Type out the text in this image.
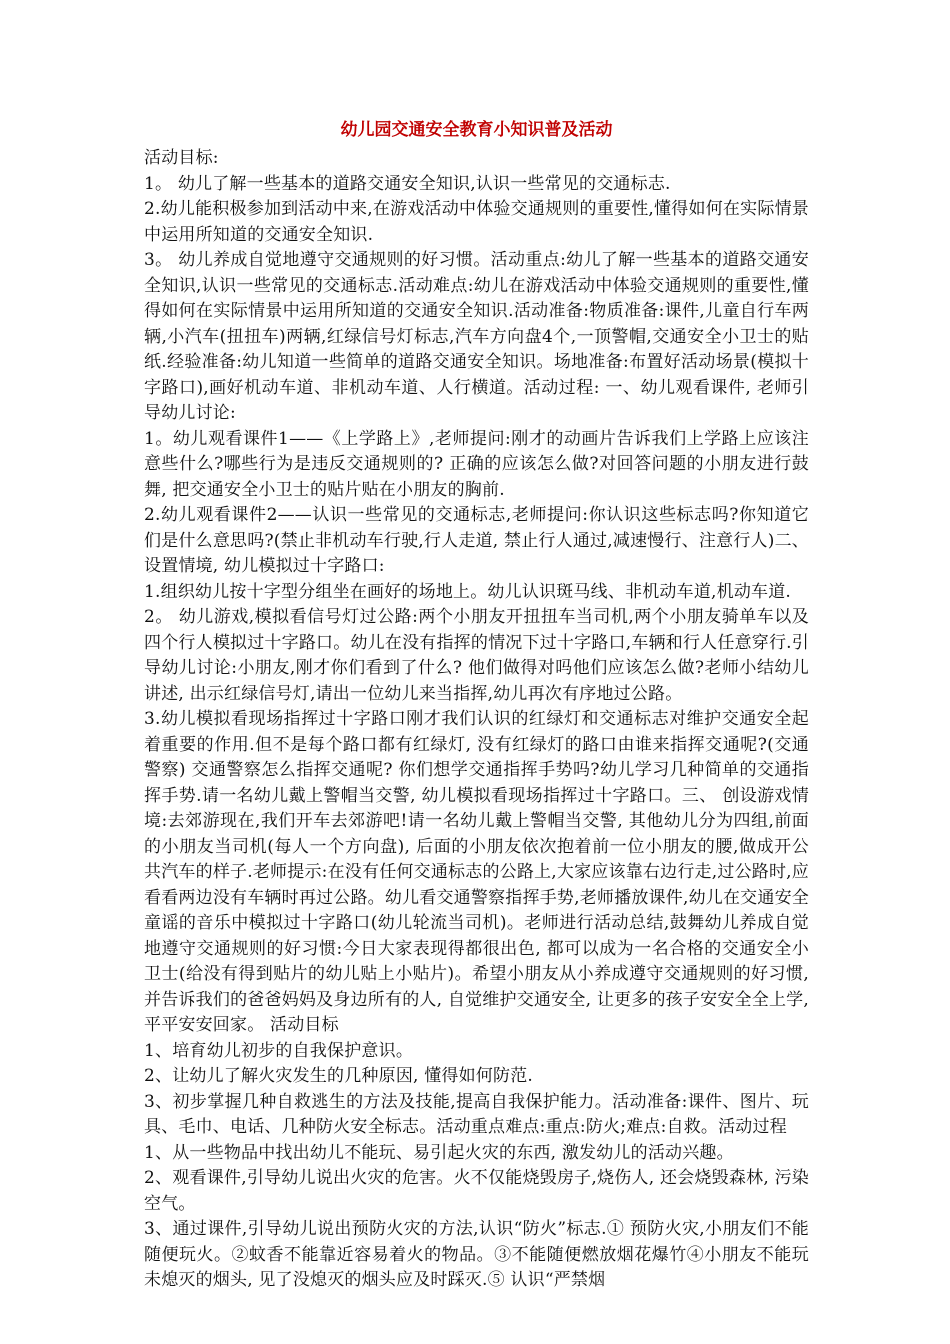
幼儿园交通安全教育小知识普及活动

活动目标:

1。 幼儿了解一些基本的道路交通安全知识,认识一些常见的交通标志.

2.幼儿能积极参加到活动中来,在游戏活动中体验交通规则的重要性,懂得如何在实际情景中运用所知道的交通安全知识.

3。 幼儿养成自觉地遵守交通规则的好习惯。活动重点:幼儿了解一些基本的道路交通安全知识,认识一些常见的交通标志.活动难点:幼儿在游戏活动中体验交通规则的重要性,懂得如何在实际情景中运用所知道的交通安全知识.活动准备:物质准备:课件,儿童自行车两辆,小汽车(扭扭车)两辆,红绿信号灯标志,汽车方向盘4个,一顶警帽,交通安全小卫士的贴纸.经验准备:幼儿知道一些简单的道路交通安全知识。场地准备:布置好活动场景(模拟十字路口),画好机动车道、非机动车道、人行横道。活动过程: 一、幼儿观看课件, 老师引导幼儿讨论:

1。幼儿观看课件1——《上学路上》,老师提问:刚才的动画片告诉我们上学路上应该注意些什么?哪些行为是违反交通规则的? 正确的应该怎么做?对回答问题的小朋友进行鼓舞, 把交通安全小卫士的贴片贴在小朋友的胸前.

2.幼儿观看课件2——认识一些常见的交通标志,老师提问:你认识这些标志吗?你知道它们是什么意思吗?(禁止非机动车行驶,行人走道, 禁止行人通过,减速慢行、注意行人)二、设置情境, 幼儿模拟过十字路口:

1.组织幼儿按十字型分组坐在画好的场地上。幼儿认识斑马线、非机动车道,机动车道.

2。 幼儿游戏,模拟看信号灯过公路:两个小朋友开扭扭车当司机,两个小朋友骑单车以及四个行人模拟过十字路口。幼儿在没有指挥的情况下过十字路口,车辆和行人任意穿行.引导幼儿讨论:小朋友,刚才你们看到了什么? 他们做得对吗他们应该怎么做?老师小结幼儿讲述, 出示红绿信号灯,请出一位幼儿来当指挥,幼儿再次有序地过公路。

3.幼儿模拟看现场指挥过十字路口刚才我们认识的红绿灯和交通标志对维护交通安全起着重要的作用.但不是每个路口都有红绿灯, 没有红绿灯的路口由谁来指挥交通呢?(交通警察) 交通警察怎么指挥交通呢? 你们想学交通指挥手势吗?幼儿学习几种简单的交通指挥手势.请一名幼儿戴上警帽当交警, 幼儿模拟看现场指挥过十字路口。三、 创设游戏情境:去郊游现在,我们开车去郊游吧!请一名幼儿戴上警帽当交警, 其他幼儿分为四组,前面的小朋友当司机(每人一个方向盘), 后面的小朋友依次抱着前一位小朋友的腰,做成开公共汽车的样子.老师提示:在没有任何交通标志的公路上,大家应该靠右边行走,过公路时,应看看两边没有车辆时再过公路。幼儿看交通警察指挥手势,老师播放课件,幼儿在交通安全童谣的音乐中模拟过十字路口(幼儿轮流当司机)。老师进行活动总结,鼓舞幼儿养成自觉地遵守交通规则的好习惯:今日大家表现得都很出色, 都可以成为一名合格的交通安全小卫士(给没有得到贴片的幼儿贴上小贴片)。希望小朋友从小养成遵守交通规则的好习惯,并告诉我们的爸爸妈妈及身边所有的人, 自觉维护交通安全, 让更多的孩子安安全全上学,平平安安回家。 活动目标

1、培育幼儿初步的自我保护意识。

2、让幼儿了解火灾发生的几种原因, 懂得如何防范.

3、初步掌握几种自救逃生的方法及技能,提高自我保护能力。活动准备:课件、图片、玩具、毛巾、电话、几种防火安全标志。活动重点难点:重点:防火;难点:自救。活动过程

1、从一些物品中找出幼儿不能玩、易引起火灾的东西, 激发幼儿的活动兴趣。

2、观看课件,引导幼儿说出火灾的危害。火不仅能烧毁房子,烧伤人, 还会烧毁森林, 污染空气。

3、通过课件,引导幼儿说出预防火灾的方法,认识“防火”标志.① 预防火灾,小朋友们不能随便玩火。②蚊香不能靠近容易着火的物品。③不能随便燃放烟花爆竹④小朋友不能玩未熄灭的烟头, 见了没熄灭的烟头应及时踩灭.⑤ 认识“严禁烟
